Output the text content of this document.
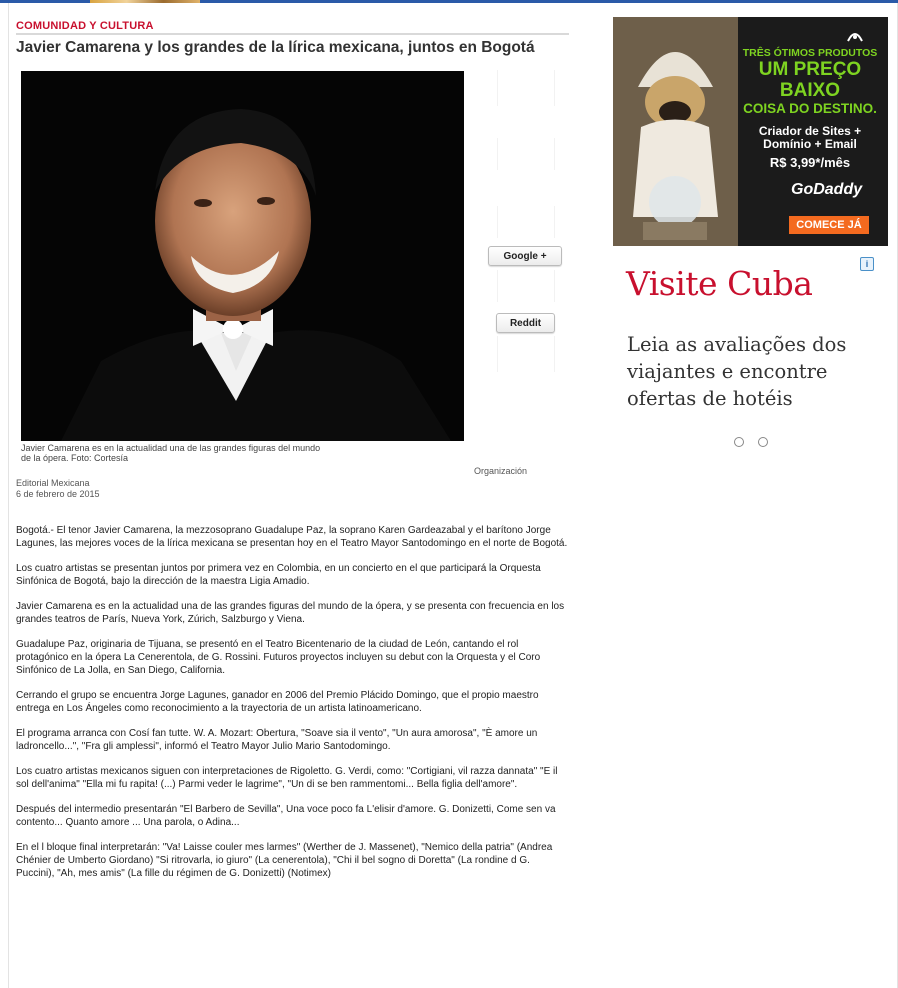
COMUNIDAD Y CULTURA
Javier Camarena y los grandes de la lírica mexicana, juntos en Bogotá
Javier Camarena es en la actualidad una de las grandes figuras del mundo de la ópera. Foto: Cortesía
Google +
Reddit
Organización
Editorial Mexicana
6 de febrero de 2015

Bogotá.- El tenor Javier Camarena, la mezzosoprano Guadalupe Paz, la soprano Karen Gardeazabal y el barítono Jorge Lagunes, las mejores voces de la lírica mexicana se presentan hoy en el Teatro Mayor Santodomingo en el norte de Bogotá.

Los cuatro artistas se presentan juntos por primera vez en Colombia, en un concierto en el que participará la Orquesta Sinfónica de Bogotá, bajo la dirección de la maestra Ligia Amadio.

Javier Camarena es en la actualidad una de las grandes figuras del mundo de la ópera, y se presenta con frecuencia en los grandes teatros de París, Nueva York, Zúrich, Salzburgo y Viena.

Guadalupe Paz, originaria de Tijuana, se presentó en el Teatro Bicentenario de la ciudad de León, cantando el rol protagónico en la ópera La Cenerentola, de G. Rossini. Futuros proyectos incluyen su debut con la Orquesta y el Coro Sinfónico de La Jolla, en San Diego, California.

Cerrando el grupo se encuentra Jorge Lagunes, ganador en 2006 del Premio Plácido Domingo, que el propio maestro entrega en Los Ángeles como reconocimiento a la trayectoria de un artista latinoamericano.

El programa arranca con Cosí fan tutte. W. A. Mozart: Obertura, "Soave sia il vento", "Un aura amorosa", "È amore un ladroncello...", "Fra gli amplessi", informó el Teatro Mayor Julio Mario Santodomingo.

Los cuatro artistas mexicanos siguen con interpretaciones de Rigoletto. G. Verdi, como: "Cortigiani, vil razza dannata" "E il sol dell'anima" "Ella mi fu rapita! (...) Parmi veder le lagrime", "Un di se ben rammentomi... Bella figlia dell'amore".

Después del intermedio presentarán "El Barbero de Sevilla", Una voce poco fa L'elisir d'amore. G. Donizetti, Come sen va contento... Quanto amore ... Una parola, o Adina...

En el l bloque final interpretarán: "Va! Laisse couler mes larmes" (Werther de J. Massenet), "Nemico della patria" (Andrea Chénier de Umberto Giordano) "Si ritrovarla, io giuro" (La cenerentola), "Chi il bel sogno di Doretta" (La rondine d G. Puccini), "Ah, mes amis" (La fille du régimen de G. Donizetti) (Notimex)

TRÊS ÓTIMOS PRODUTOS
UM PREÇO BAIXO
COISA DO DESTINO.
Criador de Sites + Domínio + Email
R$ 3,99*/mês
GoDaddy
COMECE JÁ
i
Visite Cuba
Leia as avaliações dos viajantes e encontre ofertas de hotéis
